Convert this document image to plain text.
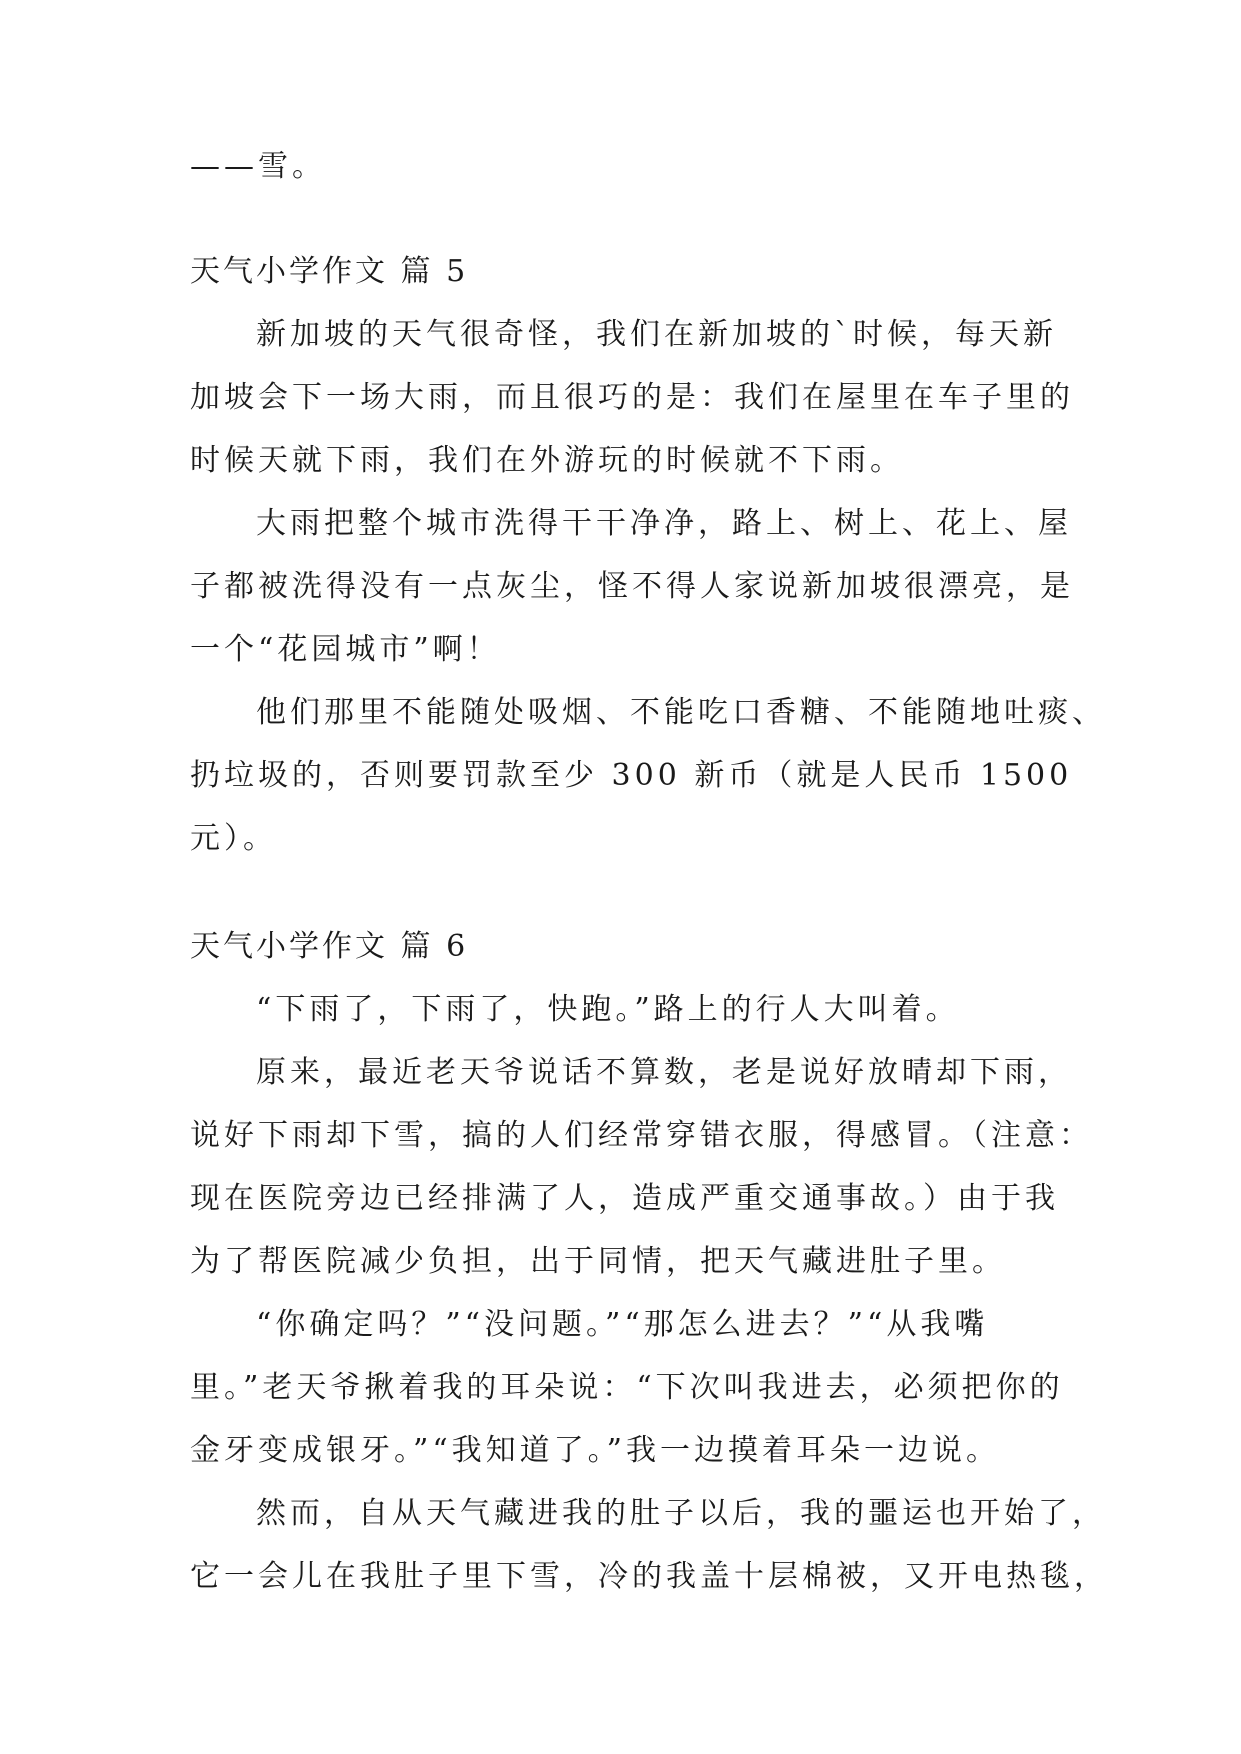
——雪。
天气小学作文 篇 5
新加坡的天气很奇怪，我们在新加坡的`时候，每天新
加坡会下一场大雨，而且很巧的是：我们在屋里在车子里的
时候天就下雨，我们在外游玩的时候就不下雨。
大雨把整个城市洗得干干净净，路上、树上、花上、屋
子都被洗得没有一点灰尘，怪不得人家说新加坡很漂亮，是
一个“花园城市”啊！
他们那里不能随处吸烟、不能吃口香糖、不能随地吐痰、
扔垃圾的，否则要罚款至少 300 新币（就是人民币 1500
元）。
天气小学作文 篇 6
“下雨了，下雨了，快跑。”路上的行人大叫着。
原来，最近老天爷说话不算数，老是说好放晴却下雨，
说好下雨却下雪，搞的人们经常穿错衣服，得感冒。（注意：
现在医院旁边已经排满了人，造成严重交通事故。）由于我
为了帮医院减少负担，出于同情，把天气藏进肚子里。
“你确定吗？”“没问题。”“那怎么进去？”“从我嘴
里。”老天爷揪着我的耳朵说：“下次叫我进去，必须把你的
金牙变成银牙。”“我知道了。”我一边摸着耳朵一边说。
然而，自从天气藏进我的肚子以后，我的噩运也开始了，
它一会儿在我肚子里下雪，冷的我盖十层棉被，又开电热毯，
